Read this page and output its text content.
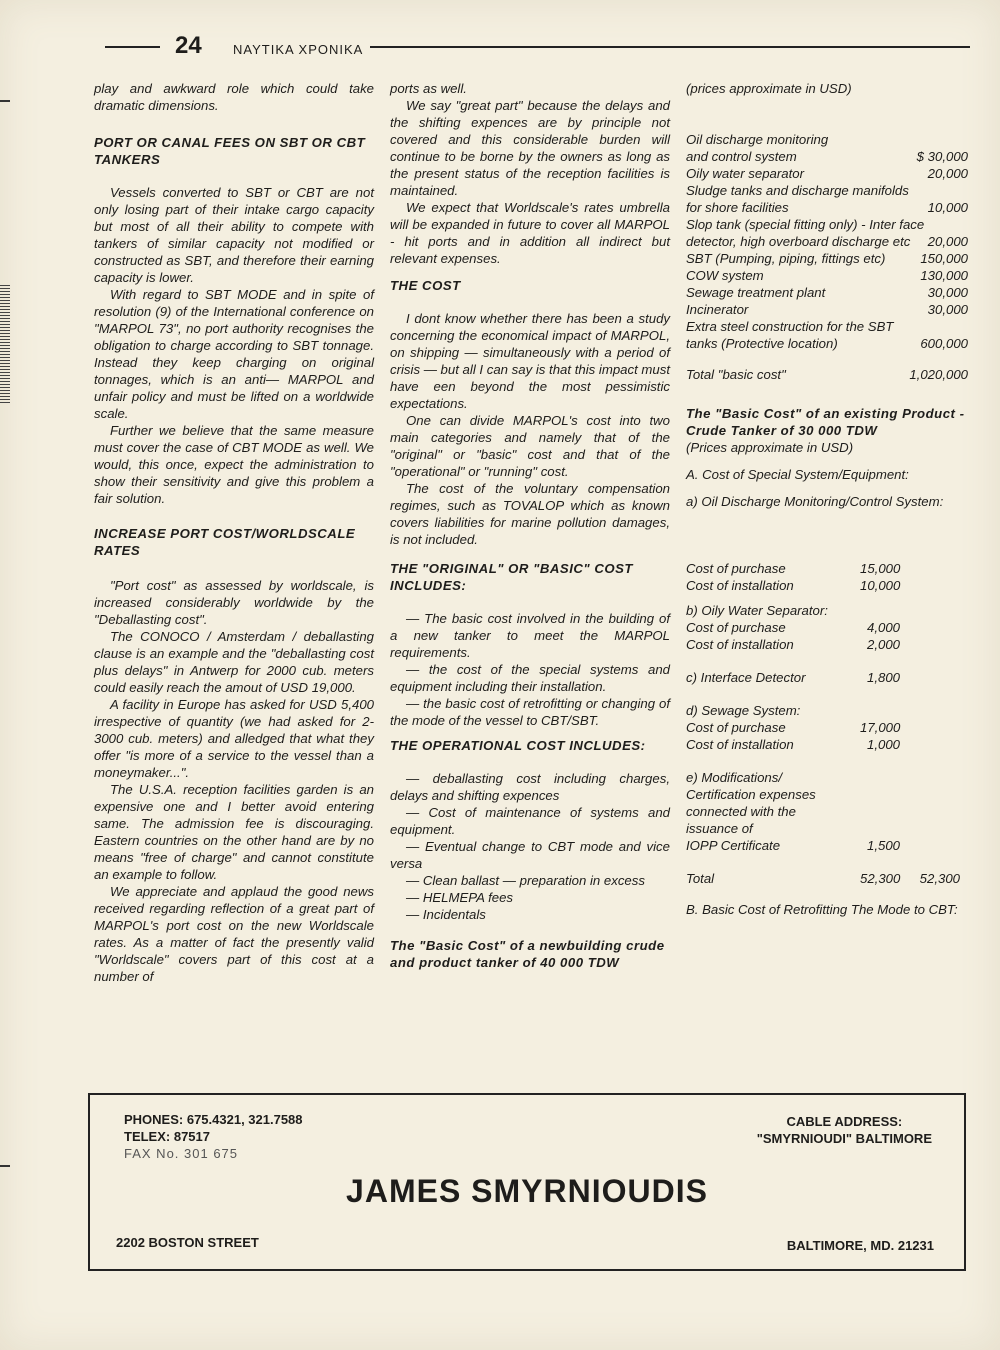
24 ΝΑΥΤΙΚΑ ΧΡΟΝΙΚΑ

play and awkward role which could take dramatic dimensions.

PORT OR CANAL FEES ON SBT OR CBT TANKERS

Vessels converted to SBT or CBT are not only losing part of their intake cargo capacity but most of all their ability to compete with tankers of similar capacity not modified or constructed as SBT, and therefore their earning capacity is lower.

With regard to SBT MODE and in spite of resolution (9) of the International conference on "MARPOL 73", no port authority recognises the obligation to charge according to SBT tonnage. Instead they keep charging on original tonnages, which is an anti— MARPOL and unfair policy and must be lifted on a worldwide scale.

Further we believe that the same measure must cover the case of CBT MODE as well. We would, this once, expect the administration to show their sensitivity and give this problem a fair solution.

INCREASE PORT COST/WORLDSCALE RATES

"Port cost" as assessed by worldscale, is increased considerably worldwide by the "Deballasting cost".

The CONOCO / Amsterdam / deballasting clause is an example and the "deballasting cost plus delays" in Antwerp for 2000 cub. meters could easily reach the amout of USD 19,000.

A facility in Europe has asked for USD 5,400 irrespective of quantity (we had asked for 2-3000 cub. meters) and alledged that what they offer "is more of a service to the vessel than a moneymaker...".

The U.S.A. reception facilities garden is an expensive one and I better avoid entering same. The admission fee is discouraging. Eastern countries on the other hand are by no means "free of charge" and cannot constitute an example to follow.

We appreciate and applaud the good news received regarding reflection of a great part of MARPOL's port cost on the new Worldscale rates. As a matter of fact the presently valid "Worldscale" covers part of this cost at a number of

ports as well.

We say "great part" because the delays and the shifting expences are by principle not covered and this considerable burden will continue to be borne by the owners as long as the present status of the reception facilities is maintained.

We expect that Worldscale's rates umbrella will be expanded in future to cover all MARPOL - hit ports and in addition all indirect but relevant expenses.

THE COST

I dont know whether there has been a study concerning the economical impact of MARPOL, on shipping — simultaneously with a period of crisis — but all I can say is that this impact must have een beyond the most pessimistic expectations.

One can divide MARPOL's cost into two main categories and namely that of the "original" or "basic" cost and that of the "operational" or "running" cost.

The cost of the voluntary compensation regimes, such as TOVALOP which as known covers liabilities for marine pollution damages, is not included.

THE "ORIGINAL" OR "BASIC" COST INCLUDES:

— The basic cost involved in the building of a new tanker to meet the MARPOL requirements.

— the cost of the special systems and equipment including their installation.

— the basic cost of retrofitting or changing of the mode of the vessel to CBT/SBT.

THE OPERATIONAL COST INCLUDES:

— deballasting cost including charges, delays and shifting expences

— Cost of maintenance of systems and equipment.

— Eventual change to CBT mode and vice versa

— Clean ballast — preparation in excess

— HELMEPA fees

— Incidentals

The "Basic Cost" of a newbuilding crude and product tanker of 40 000 TDW

(prices approximate in USD)

Oil discharge monitoring
and control system	$ 30,000
Oily water separator	20,000
Sludge tanks and discharge manifolds for shore facilities	10,000
Slop tank (special fitting only) - Inter face detector, high overboard discharge etc	20,000
SBT (Pumping, piping, fittings etc)	150,000
COW system	130,000
Sewage treatment plant	30,000
Incinerator	30,000
Extra steel construction for the SBT tanks (Protective location)	600,000
Total "basic cost"	1,020,000
The "Basic Cost" of an existing Product - Crude Tanker of 30 000 TDW

(Prices approximate in USD)

A. Cost of Special System/Equipment:

a) Oil Discharge Monitoring/Control System:

Cost of purchase	15,000
Cost of installation	10,000

b) Oily Water Separator:

Cost of purchase	4,000
Cost of installation	2,000
c) Interface Detector	1,800

d) Sewage System:

Cost of purchase	17,000
Cost of installation	1,000

e) Modifications/ Certification expenses connected with the issuance of

IOPP Certificate	1,500
Total	52,300	52,300

B. Basic Cost of Retrofitting The Mode to CBT:

PHONES: 675.4321, 321.7588
TELEX: 87517
FAX No. 301 675
CABLE ADDRESS:
"SMYRNIOUDI" BALTIMORE
JAMES SMYRNIOUDIS
2202 BOSTON STREET	BALTIMORE, MD. 21231
